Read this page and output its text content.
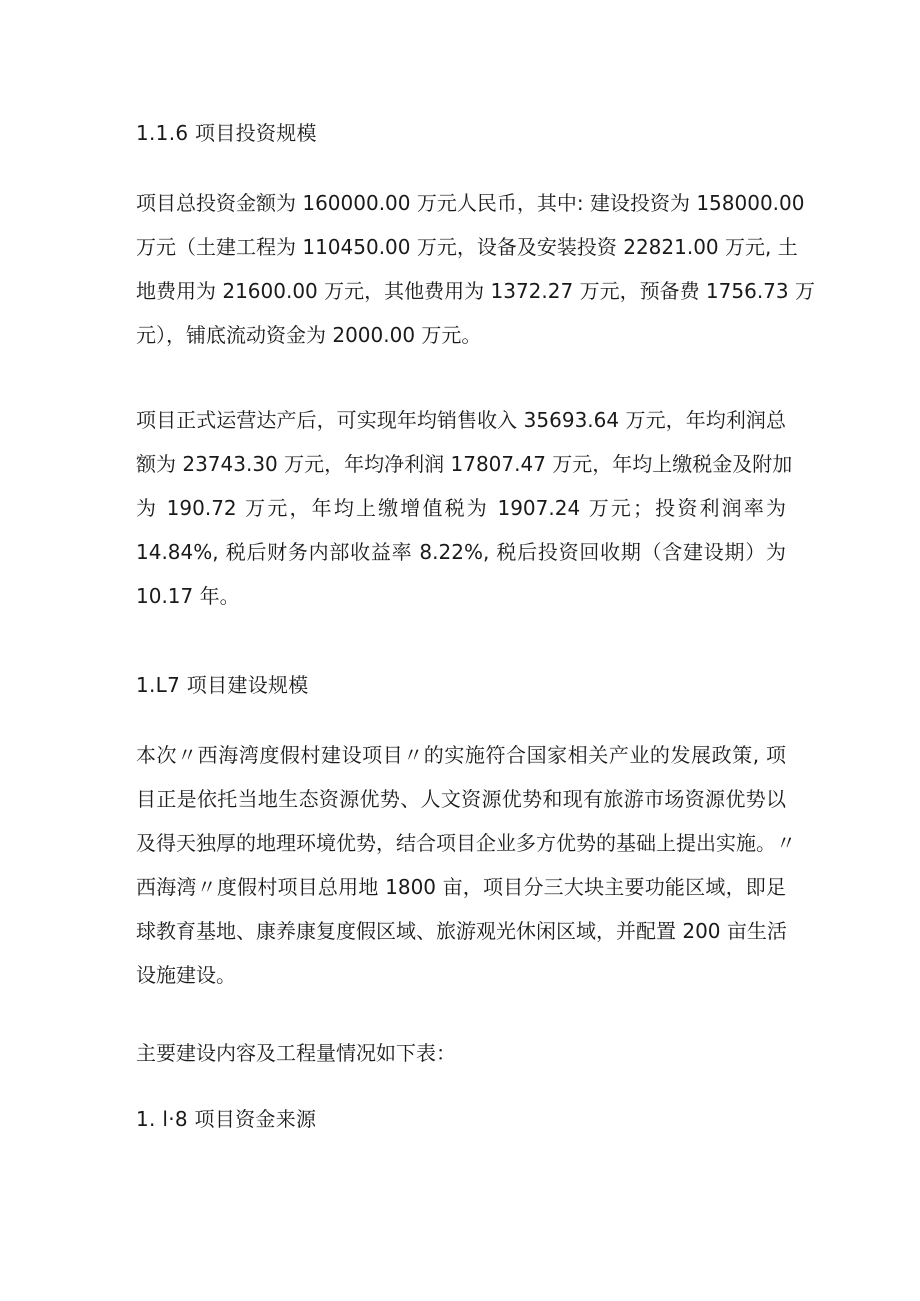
1.1.6 项目投资规模
项目总投资金额为 160000.00 万元人民币，其中: 建设投资为 158000.00
万元（土建工程为 110450.00 万元，设备及安装投资 22821.00 万元, 土
地费用为 21600.00 万元，其他费用为 1372.27 万元，预备费 1756.73 万
元），铺底流动资金为 2000.00 万元。
项目正式运营达产后，可实现年均销售收入 35693.64 万元，年均利润总
额为 23743.30 万元，年均净利润 17807.47 万元，年均上缴税金及附加
为 190.72 万元，年均上缴增值税为 1907.24 万元；投资利润率为
14.84%, 税后财务内部收益率 8.22%, 税后投资回收期（含建设期）为
10.17 年。
1.L7 项目建设规模
本次〃西海湾度假村建设项目〃的实施符合国家相关产业的发展政策, 项
目正是依托当地生态资源优势、人文资源优势和现有旅游市场资源优势以
及得天独厚的地理环境优势，结合项目企业多方优势的基础上提出实施。〃
西海湾〃度假村项目总用地 1800 亩，项目分三大块主要功能区域，即足
球教育基地、康养康复度假区域、旅游观光休闲区域，并配置 200 亩生活
设施建设。
主要建设内容及工程量情况如下表：
1. l·8 项目资金来源
